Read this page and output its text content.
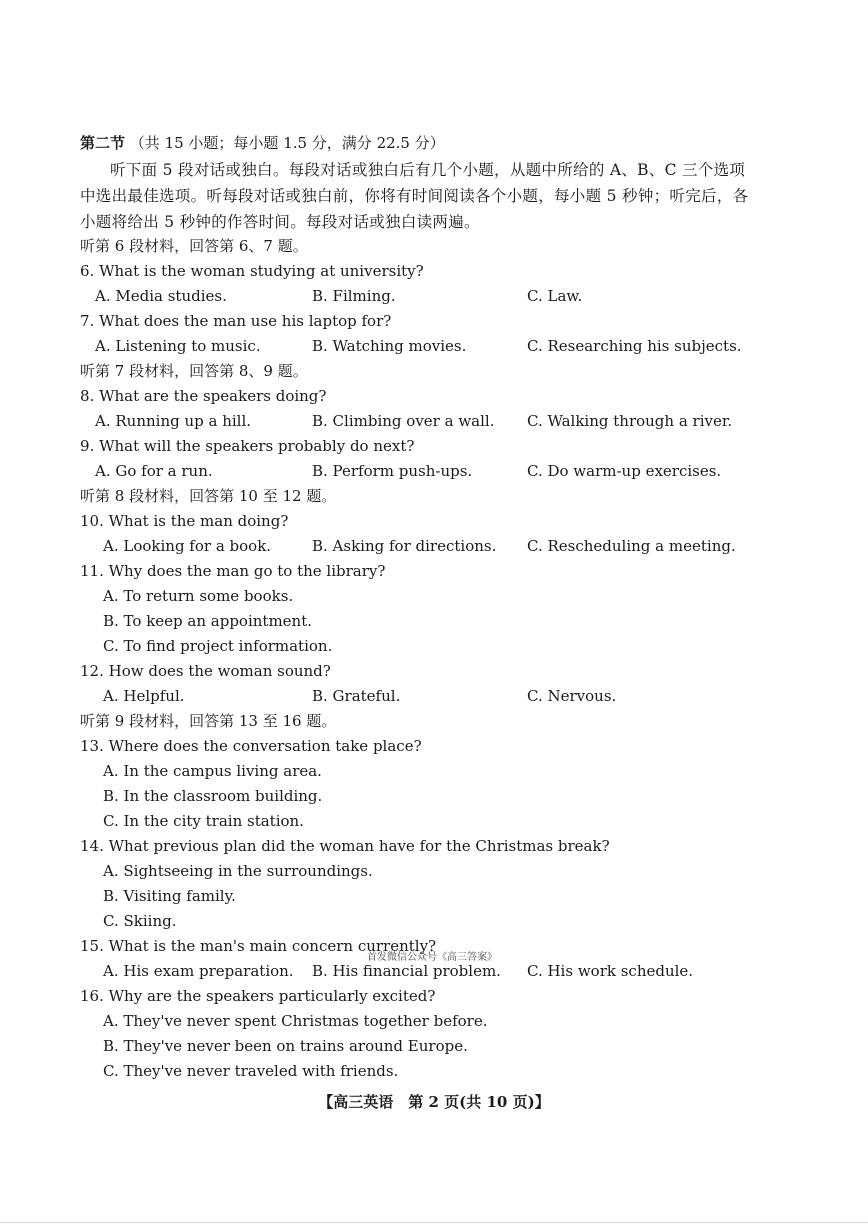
第二节 （共 15 小题；每小题 1.5 分，满分 22.5 分）
听下面 5 段对话或独白。每段对话或独白后有几个小题，从题中所给的 A、B、C 三个选项
中选出最佳选项。听每段对话或独白前，你将有时间阅读各个小题，每小题 5 秒钟；听完后，各
小题将给出 5 秒钟的作答时间。每段对话或独白读两遍。
听第 6 段材料，回答第 6、7 题。
6. What is the woman studying at university?
A. Media studies.	B. Filming.	C. Law.
7. What does the man use his laptop for?
A. Listening to music.	B. Watching movies.	C. Researching his subjects.
听第 7 段材料，回答第 8、9 题。
8. What are the speakers doing?
A. Running up a hill.	B. Climbing over a wall. C. Walking through a river.
9. What will the speakers probably do next?
A. Go for a run.	B. Perform push-ups.	C. Do warm-up exercises.
听第 8 段材料，回答第 10 至 12 题。
10. What is the man doing?
A. Looking for a book.	B. Asking for directions. C. Rescheduling a meeting.
11. Why does the man go to the library?
A. To return some books.
B. To keep an appointment.
C. To find project information.
12. How does the woman sound?
A. Helpful.	B. Grateful.	C. Nervous.
听第 9 段材料，回答第 13 至 16 题。
13. Where does the conversation take place?
A. In the campus living area.
B. In the classroom building.
C. In the city train station.
14. What previous plan did the woman have for the Christmas break?
A. Sightseeing in the surroundings.
B. Visiting family.
C. Skiing.
15. What is the man's main concern currently?
首发微信公众号《高三答案》
A. His exam preparation. B. His financial problem. C. His work schedule.
16. Why are the speakers particularly excited?
A. They've never spent Christmas together before.
B. They've never been on trains around Europe.
C. They've never traveled with friends.
【高三英语　第 2 页(共 10 页)】
